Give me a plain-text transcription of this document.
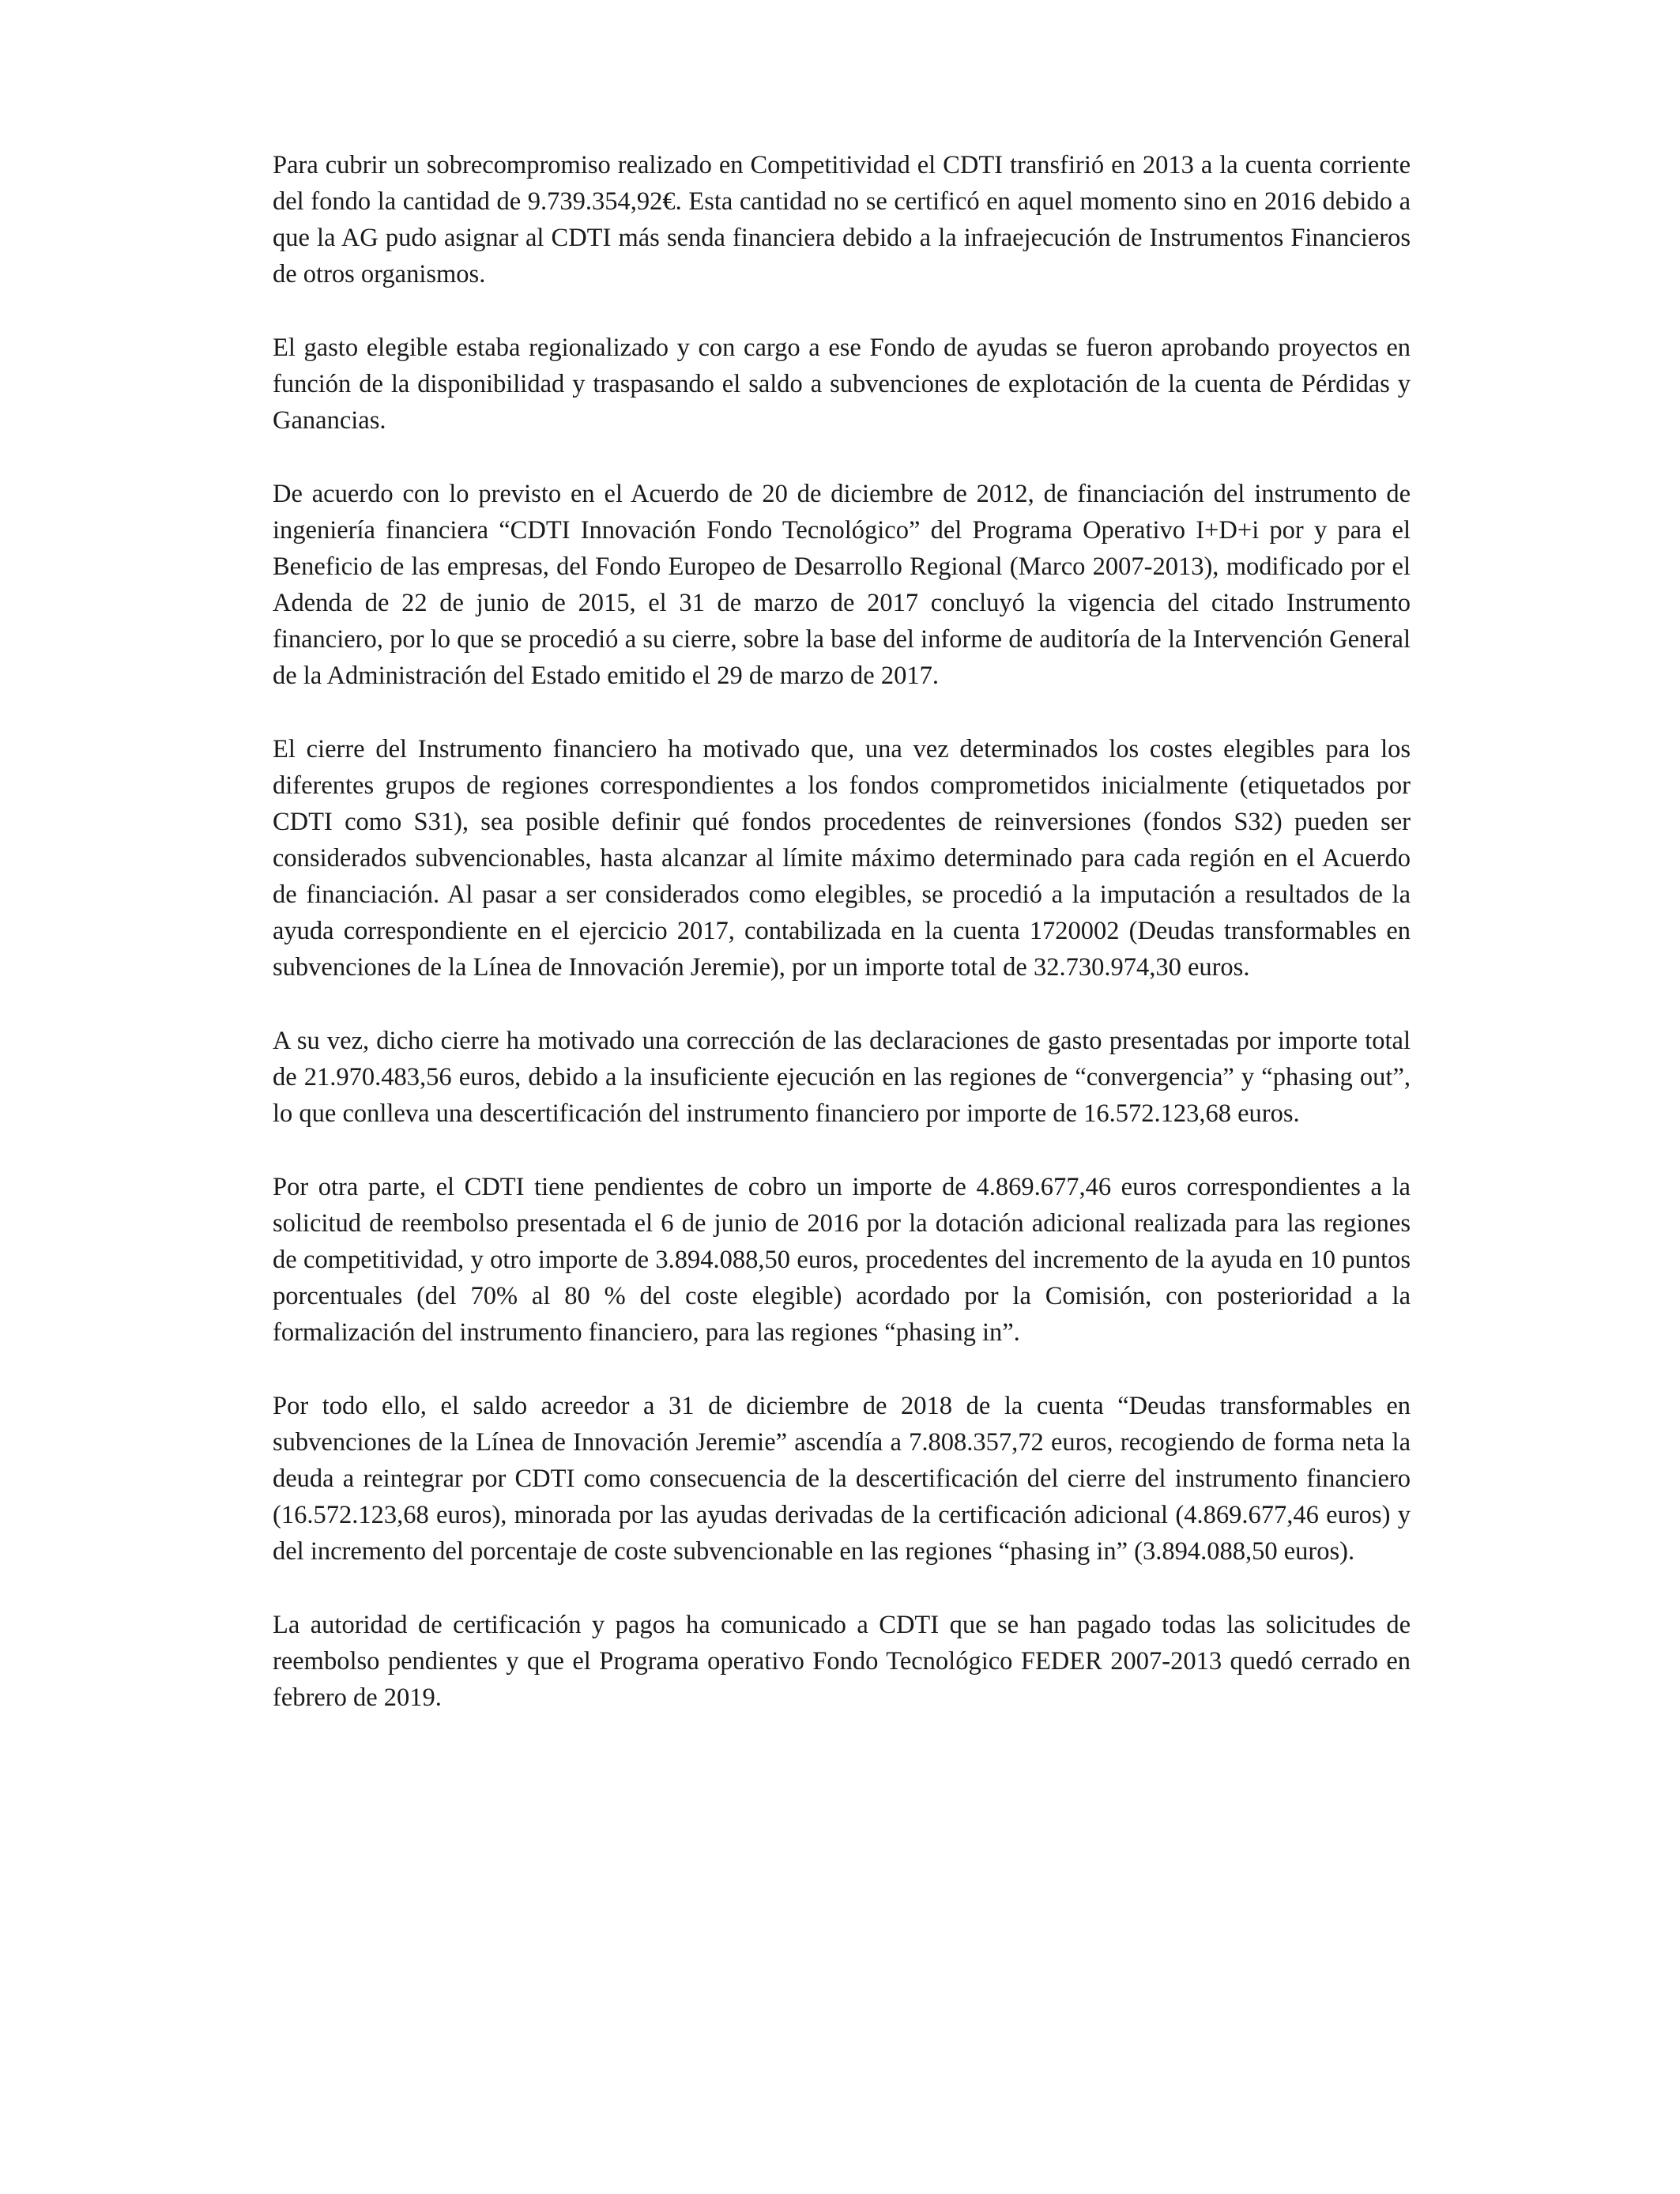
Para cubrir un sobrecompromiso realizado en Competitividad el CDTI transfirió en 2013 a la cuenta corriente del fondo la cantidad de 9.739.354,92€. Esta cantidad no se certificó en aquel momento sino en 2016 debido a que la AG pudo asignar al CDTI más senda financiera debido a la infraejecución de Instrumentos Financieros de otros organismos.

El gasto elegible estaba regionalizado y con cargo a ese Fondo de ayudas se fueron aprobando proyectos en función de la disponibilidad y traspasando el saldo a subvenciones de explotación de la cuenta de Pérdidas y Ganancias.

De acuerdo con lo previsto en el Acuerdo de 20 de diciembre de 2012, de financiación del instrumento de ingeniería financiera “CDTI Innovación Fondo Tecnológico” del Programa Operativo I+D+i por y para el Beneficio de las empresas, del Fondo Europeo de Desarrollo Regional (Marco 2007-2013), modificado por el Adenda de 22 de junio de 2015, el 31 de marzo de 2017 concluyó la vigencia del citado Instrumento financiero, por lo que se procedió a su cierre, sobre la base del informe de auditoría de la Intervención General de la Administración del Estado emitido el 29 de marzo de 2017.

El cierre del Instrumento financiero ha motivado que, una vez determinados los costes elegibles para los diferentes grupos de regiones correspondientes a los fondos comprometidos inicialmente (etiquetados por CDTI como S31), sea posible definir qué fondos procedentes de reinversiones (fondos S32) pueden ser considerados subvencionables, hasta alcanzar al límite máximo determinado para cada región en el Acuerdo de financiación. Al pasar a ser considerados como elegibles, se procedió a la imputación a resultados de la ayuda correspondiente en el ejercicio 2017, contabilizada en la cuenta 1720002 (Deudas transformables en subvenciones de la Línea de Innovación Jeremie), por un importe total de 32.730.974,30 euros.

A su vez, dicho cierre ha motivado una corrección de las declaraciones de gasto presentadas por importe total de 21.970.483,56 euros, debido a la insuficiente ejecución en las regiones de “convergencia” y “phasing out”, lo que conlleva una descertificación del instrumento financiero por importe de 16.572.123,68 euros.

Por otra parte, el CDTI tiene pendientes de cobro un importe de 4.869.677,46 euros correspondientes a la solicitud de reembolso presentada el 6 de junio de 2016 por la dotación adicional realizada para las regiones de competitividad, y otro importe de 3.894.088,50 euros, procedentes del incremento de la ayuda en 10 puntos porcentuales (del 70% al 80 % del coste elegible) acordado por la Comisión, con posterioridad a la formalización del instrumento financiero, para las regiones “phasing in”.

Por todo ello, el saldo acreedor a 31 de diciembre de 2018 de la cuenta “Deudas transformables en subvenciones de la Línea de Innovación Jeremie” ascendía a 7.808.357,72 euros, recogiendo de forma neta la deuda a reintegrar por CDTI como consecuencia de la descertificación del cierre del instrumento financiero (16.572.123,68 euros), minorada por las ayudas derivadas de la certificación adicional (4.869.677,46 euros) y del incremento del porcentaje de coste subvencionable en las regiones “phasing in” (3.894.088,50 euros).

La autoridad de certificación y pagos ha comunicado a CDTI que se han pagado todas las solicitudes de reembolso pendientes y que el Programa operativo Fondo Tecnológico FEDER 2007-2013 quedó cerrado en febrero de 2019.
